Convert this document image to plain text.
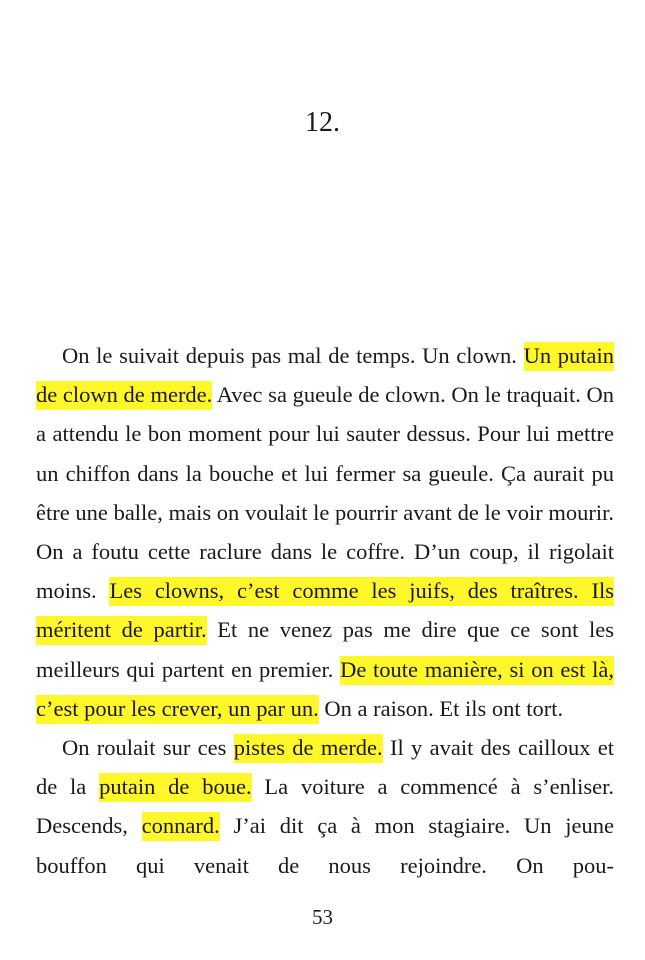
12.

On le suivait depuis pas mal de temps. Un clown. Un putain de clown de merde. Avec sa gueule de clown. On le traquait. On a attendu le bon moment pour lui sauter dessus. Pour lui mettre un chiffon dans la bouche et lui fermer sa gueule. Ça aurait pu être une balle, mais on voulait le pourrir avant de le voir mourir. On a foutu cette raclure dans le coffre. D’un coup, il rigolait moins. Les clowns, c’est comme les juifs, des traîtres. Ils méritent de partir. Et ne venez pas me dire que ce sont les meilleurs qui partent en premier. De toute manière, si on est là, c’est pour les crever, un par un. On a raison. Et ils ont tort.

On roulait sur ces pistes de merde. Il y avait des cailloux et de la putain de boue. La voiture a commencé à s’enliser. Descends, connard. J’ai dit ça à mon stagiaire. Un jeune bouffon qui venait de nous rejoindre. On pou-

53
